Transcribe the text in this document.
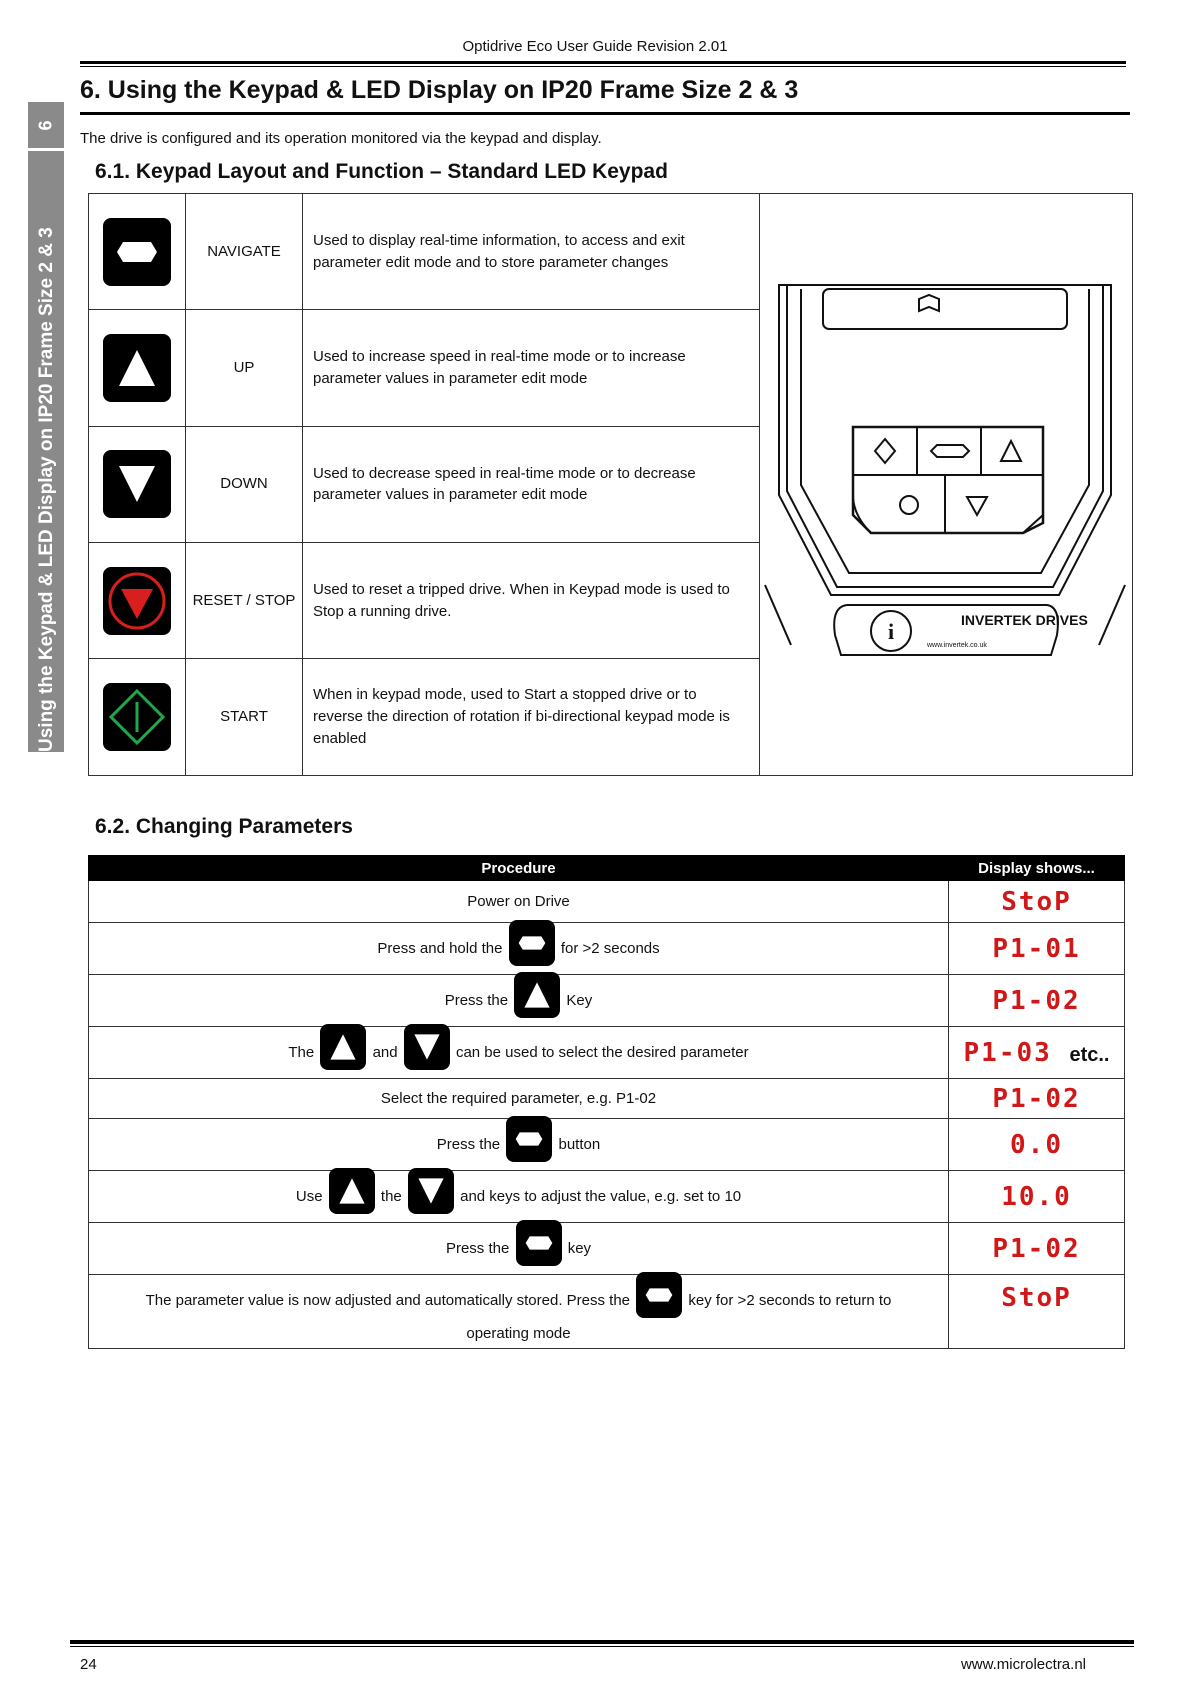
Optidrive Eco User Guide Revision 2.01
6
Using the Keypad & LED Display on IP20 Frame Size 2 & 3
6. Using the Keypad & LED Display on IP20 Frame Size 2 & 3
The drive is configured and its operation monitored via the keypad and display.
6.1. Keypad Layout and Function – Standard LED Keypad
	NAVIGATE	Used to display real-time information, to access and exit parameter edit mode and to store parameter changes	i INVERTEK DRIVES
www.invertek.co.uk

	UP	Used to increase speed in real-time mode or to increase parameter values in parameter edit mode	

	DOWN	Used to decrease speed in real-time mode or to decrease parameter values in parameter edit mode	

	RESET / STOP	Used to reset a tripped drive. When in Keypad mode is used to Stop a running drive.	

	START	When in keypad mode, used to Start a stopped drive or to reverse the direction of rotation if bi-directional keypad mode is enabled	
6.2. Changing Parameters
Procedure	Display shows...
Power on Drive	StoP
Press and hold the for >2 seconds	P1-01
Press the Key	P1-02
The and can be used to select the desired parameter	P1-03 etc..
Select the required parameter, e.g. P1-02	P1-02
Press the button	0.0
Use the and keys to adjust the value, e.g. set to 10	10.0
Press the key	P1-02
The parameter value is now adjusted and automatically stored. Press the key for >2 seconds to return to
operating mode	StoP
24	www.microlectra.nl
